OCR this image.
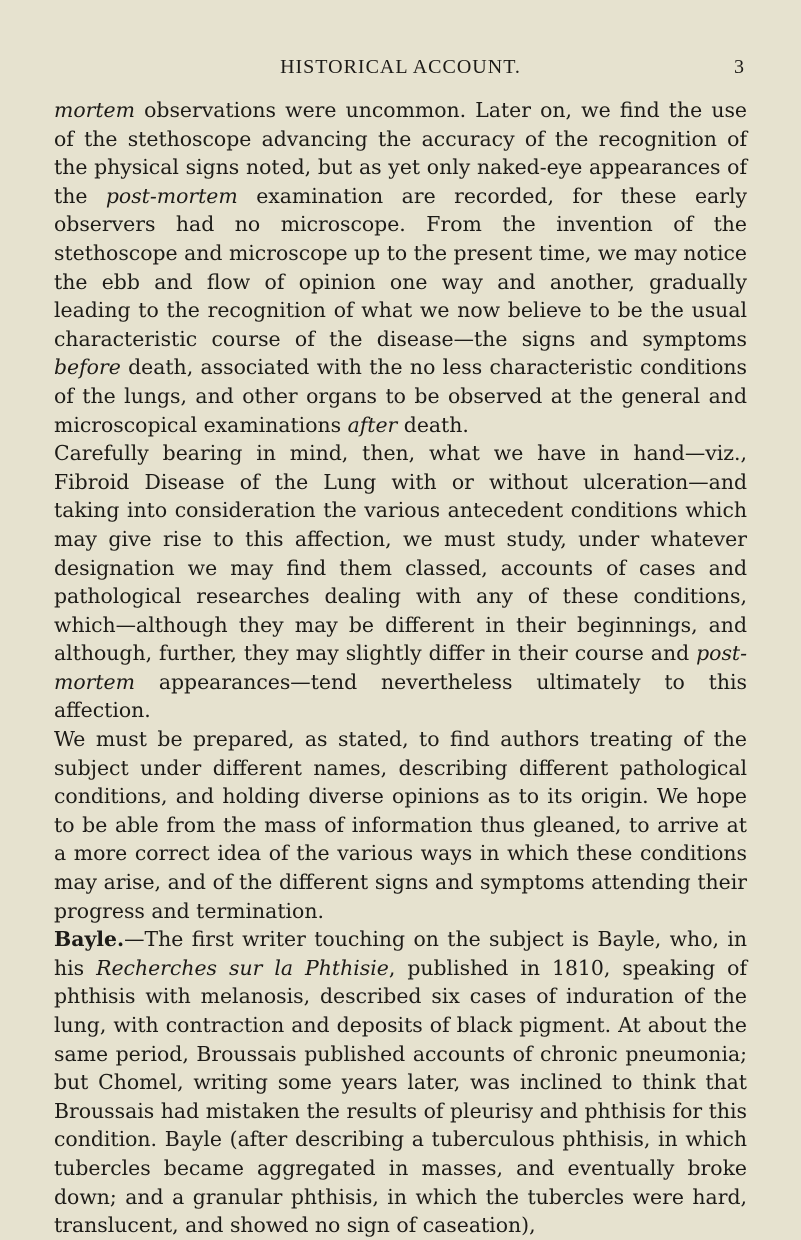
HISTORICAL ACCOUNT.	3

mortem observations were uncommon. Later on, we find the use of the stethoscope advancing the accuracy of the recognition of the physical signs noted, but as yet only naked-eye appearances of the post-mortem examination are recorded, for these early observers had no microscope. From the invention of the stethoscope and microscope up to the present time, we may notice the ebb and flow of opinion one way and another, gradually leading to the recognition of what we now believe to be the usual characteristic course of the disease—the signs and symptoms before death, associated with the no less characteristic conditions of the lungs, and other organs to be observed at the general and microscopical examinations after death.

Carefully bearing in mind, then, what we have in hand—viz., Fibroid Disease of the Lung with or without ulceration—and taking into consideration the various antecedent conditions which may give rise to this affection, we must study, under whatever designation we may find them classed, accounts of cases and pathological researches dealing with any of these conditions, which—although they may be different in their beginnings, and although, further, they may slightly differ in their course and post-mortem appearances—tend nevertheless ultimately to this affection.

We must be prepared, as stated, to find authors treating of the subject under different names, describing different pathological conditions, and holding diverse opinions as to its origin. We hope to be able from the mass of information thus gleaned, to arrive at a more correct idea of the various ways in which these conditions may arise, and of the different signs and symptoms attending their progress and termination.

Bayle.—The first writer touching on the subject is Bayle, who, in his Recherches sur la Phthisie, published in 1810, speaking of phthisis with melanosis, described six cases of induration of the lung, with contraction and deposits of black pigment. At about the same period, Broussais published accounts of chronic pneumonia; but Chomel, writing some years later, was inclined to think that Broussais had mistaken the results of pleurisy and phthisis for this condition. Bayle (after describing a tuberculous phthisis, in which tubercles became aggregated in masses, and eventually broke down; and a granular phthisis, in which the tubercles were hard, translucent, and showed no sign of caseation),
